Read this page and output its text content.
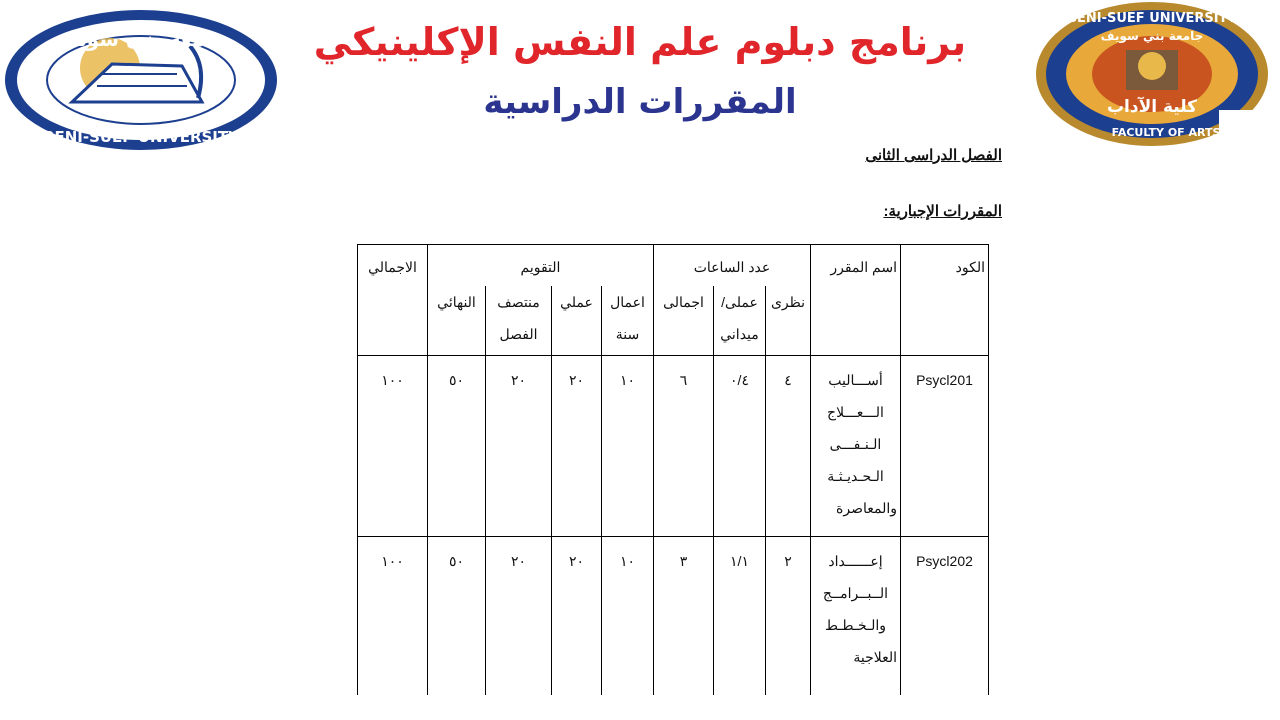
جامعة بنى سويف
BENI-SUEF UNIVERSITY
BENI-SUEF UNIVERSITY
جامعة بني سويف
كلية الآداب
FACULTY OF ARTS
برنامج دبلوم علم النفس الإكلينيكي
المقررات الدراسية
الفصل الدراسى الثانى
المقررات الإجبارية:
الكود	اسم المقرر	عدد الساعات			التقويم				الاجمالي
		نظرى	عملى/ ميداني	اجمالى	اعمال سنة	عملي	منتصف الفصل	النهائي	
Psycl201	أســـاليب الـــعـــلاج الـنـفـــى الـحـديـثـة والمعاصرة	٤	٠/٤	٦	١٠	٢٠	٢٠	٥٠	١٠٠
Psycl202	إعــــــداد الــبــرامــج والـخـطـط العلاجية	٢	١/١	٣	١٠	٢٠	٢٠	٥٠	١٠٠
